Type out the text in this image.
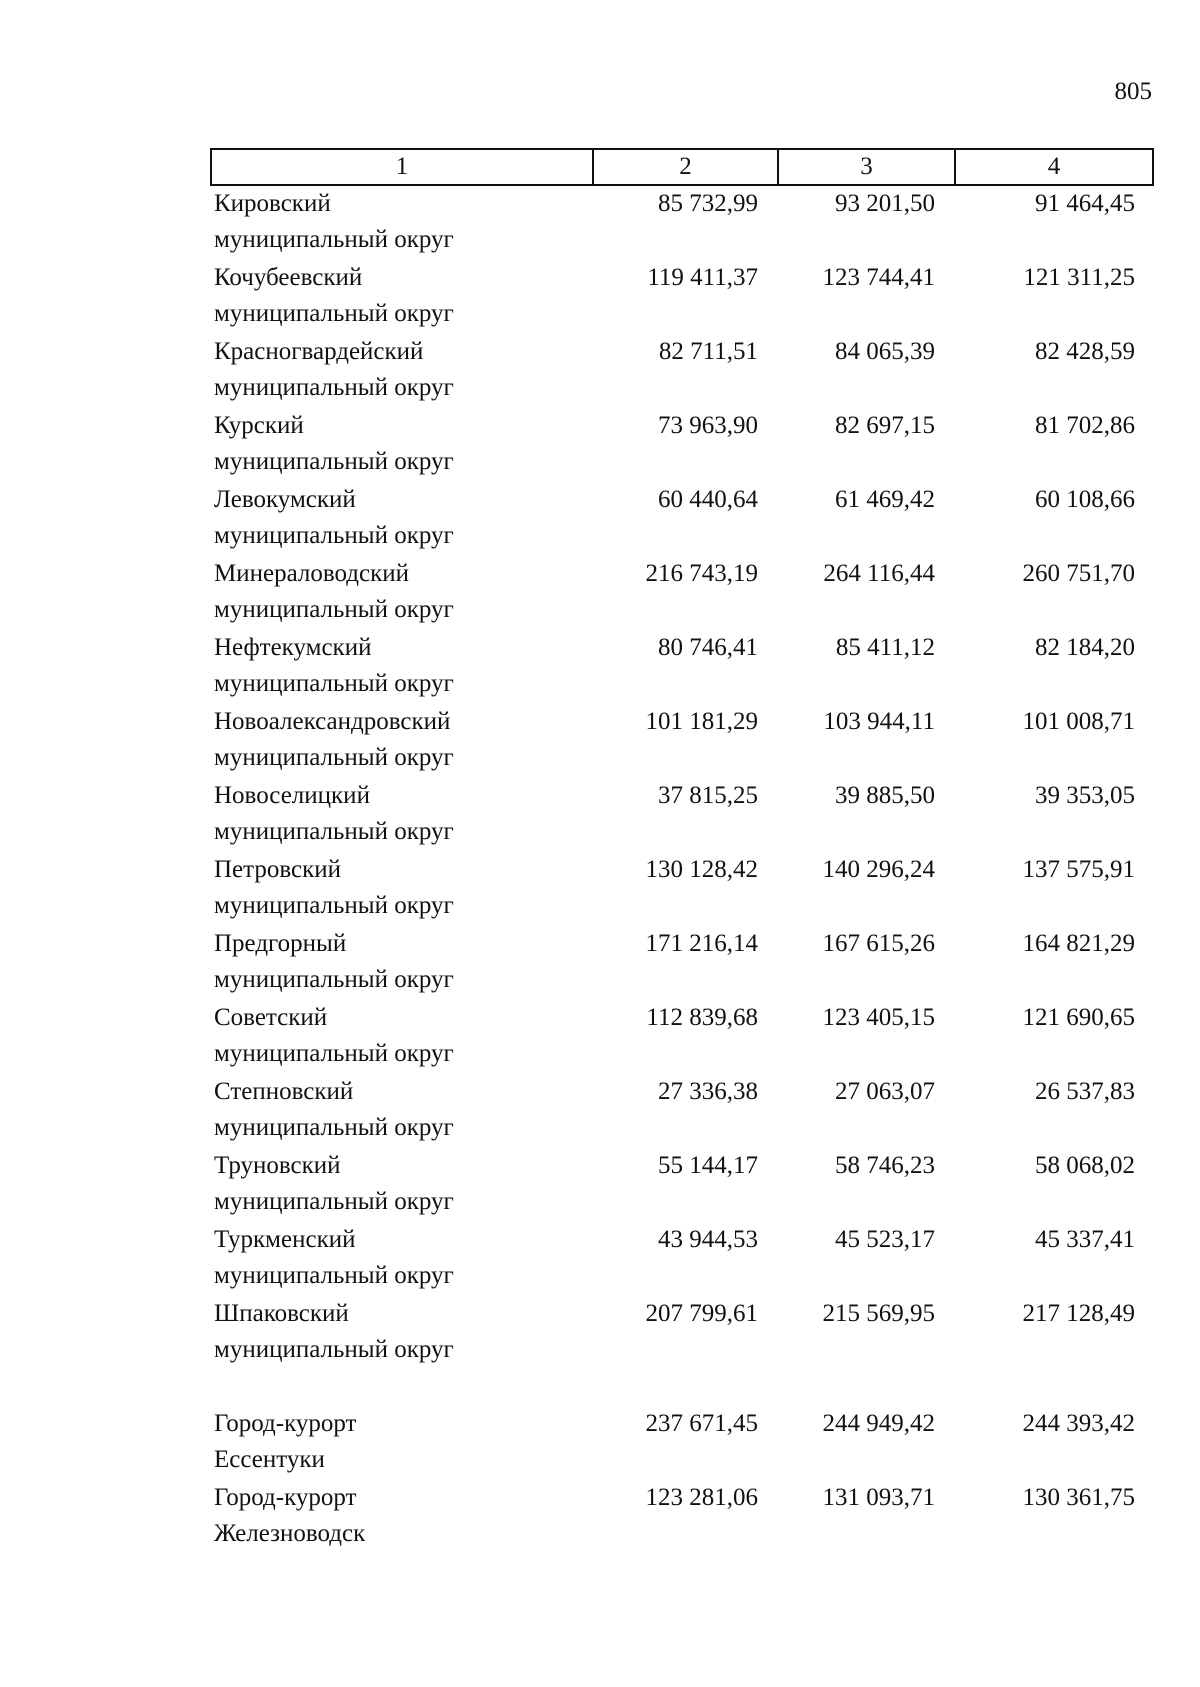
805
1	2	3	4

Кировский
муниципальный округ	85 732,99	93 201,50	91 464,45

Кочубеевский
муниципальный округ	119 411,37	123 744,41	121 311,25

Красногвардейский
муниципальный округ	82 711,51	84 065,39	82 428,59

Курский
муниципальный округ	73 963,90	82 697,15	81 702,86

Левокумский
муниципальный округ	60 440,64	61 469,42	60 108,66

Минераловодский
муниципальный округ	216 743,19	264 116,44	260 751,70

Нефтекумский
муниципальный округ	80 746,41	85 411,12	82 184,20

Новоалександровский
муниципальный округ	101 181,29	103 944,11	101 008,71

Новоселицкий
муниципальный округ	37 815,25	39 885,50	39 353,05

Петровский
муниципальный округ	130 128,42	140 296,24	137 575,91

Предгорный
муниципальный округ	171 216,14	167 615,26	164 821,29

Советский
муниципальный округ	112 839,68	123 405,15	121 690,65

Степновский
муниципальный округ	27 336,38	27 063,07	26 537,83

Труновский
муниципальный округ	55 144,17	58 746,23	58 068,02

Туркменский
муниципальный округ	43 944,53	45 523,17	45 337,41

Шпаковский
муниципальный округ	207 799,61	215 569,95	217 128,49

Город-курорт
Ессентуки	237 671,45	244 949,42	244 393,42

Город-курорт
Железноводск	123 281,06	131 093,71	130 361,75
